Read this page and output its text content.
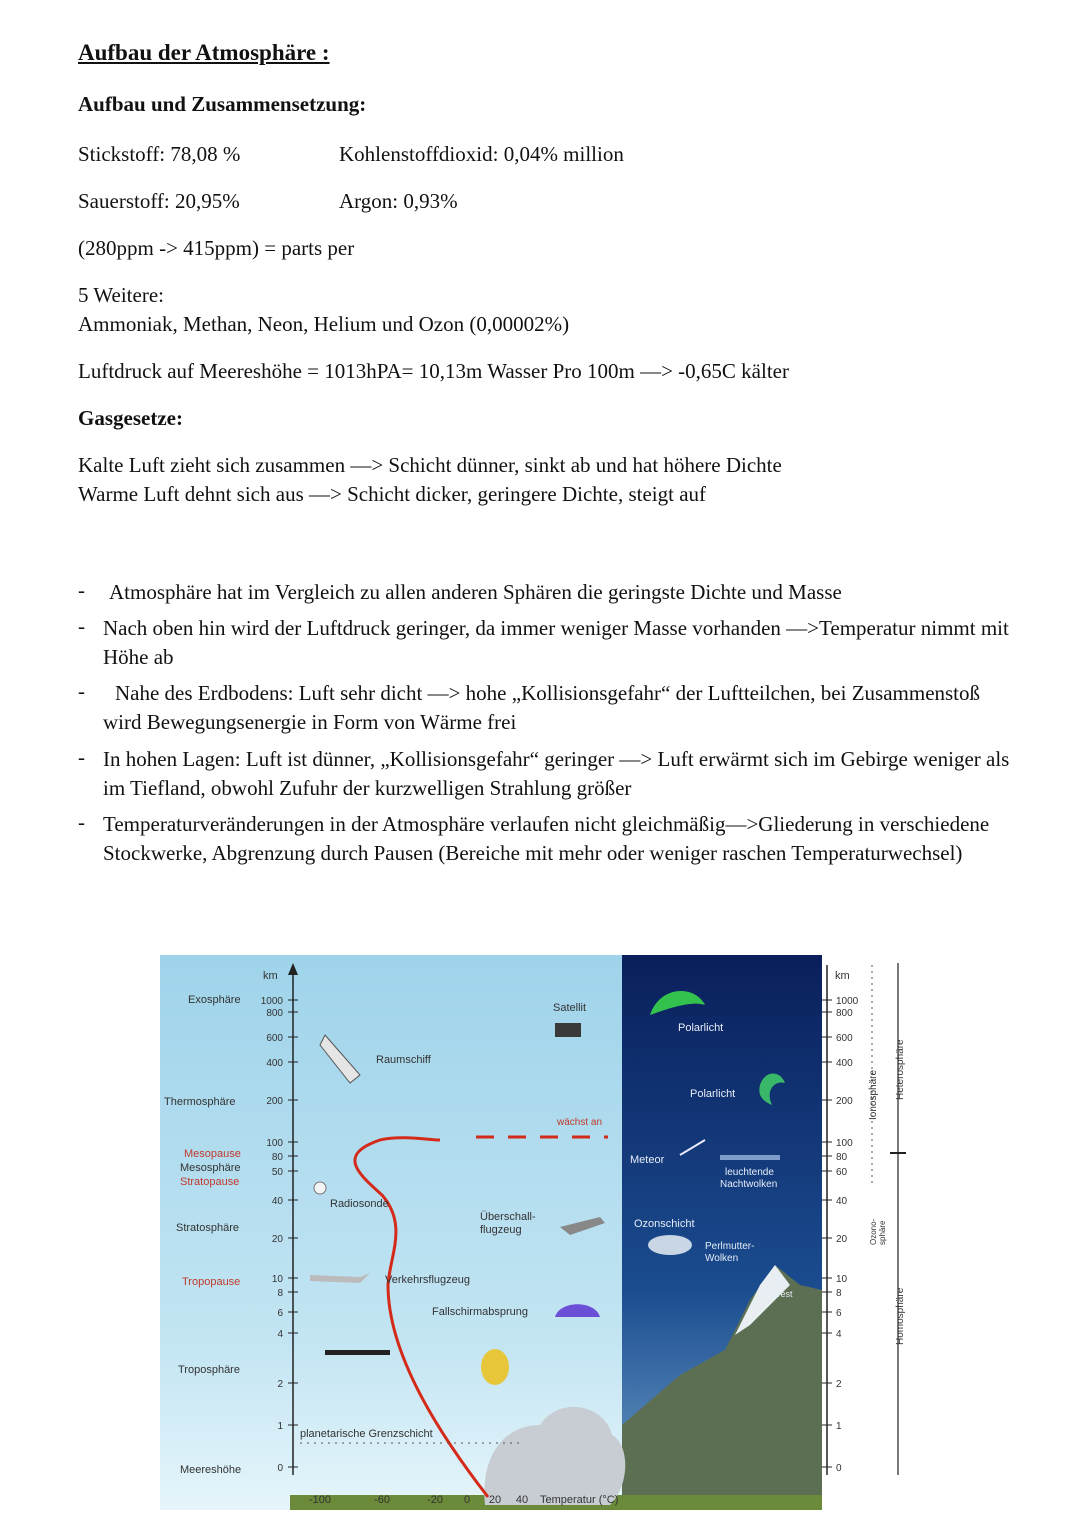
Aufbau der Atmosphäre :
Aufbau und Zusammensetzung:
Stickstoff: 78,08 %	Kohlenstoffdioxid: 0,04% million
Sauerstoff: 20,95%	Argon: 0,93%
(280ppm -> 415ppm) = parts per
5 Weitere:
Ammoniak, Methan, Neon, Helium und Ozon (0,00002%)
Luftdruck auf Meereshöhe = 1013hPA= 10,13m Wasser Pro 100m —> -0,65C kälter
Gasgesetze:
Kalte Luft zieht sich zusammen —> Schicht dünner, sinkt ab und hat höhere Dichte
Warme Luft dehnt sich aus —> Schicht dicker, geringere Dichte, steigt auf
- Atmosphäre hat im Vergleich zu allen anderen Sphären die geringste Dichte und Masse
- Nach oben hin wird der Luftdruck geringer, da immer weniger Masse vorhanden —>Temperatur nimmt mit Höhe ab
-	Nahe des Erdbodens: Luft sehr dicht —> hohe „Kollisionsgefahr“ der Luftteilchen, bei Zusammenstoß wird Bewegungsenergie in Form von Wärme frei
- In hohen Lagen: Luft ist dünner, „Kollisionsgefahr“ geringer —> Luft erwärmt sich im Gebirge weniger als im Tiefland, obwohl Zufuhr der kurzwelligen Strahlung größer
- Temperaturveränderungen in der Atmosphäre verlaufen nicht gleichmäßig—>Gliederung in verschiedene Stockwerke, Abgrenzung durch Pausen (Bereiche mit mehr oder weniger raschen Temperaturwechsel)
1000
800
600
400
200
100
80
50
40
20
10
8
6
4
2
1
0
1000
800
600
400
200
100
80
60
40
20
10
8
6
4
2
1
0
km	km
Exosphäre
Thermosphäre
Mesopause
Mesosphäre
Stratopause
Stratosphäre
Tropopause
Troposphäre
Meereshöhe
Satellit
Raumschiff
wächst an
Radiosonde
Überschall-flugzeug
Verkehrsflugzeug
Fallschirmabsprung
planetarische Grenzschicht
Polarlicht
Polarlicht
Meteor
leuchtende Nachtwolken
Ozonschicht
Perlmutter-Wolken
Mt. Everest
Ionosphäre Heterosphäre
Ozono-sphäre
Homosphäre
-100	-60	-20 0 20 40 Temperatur (°C)
